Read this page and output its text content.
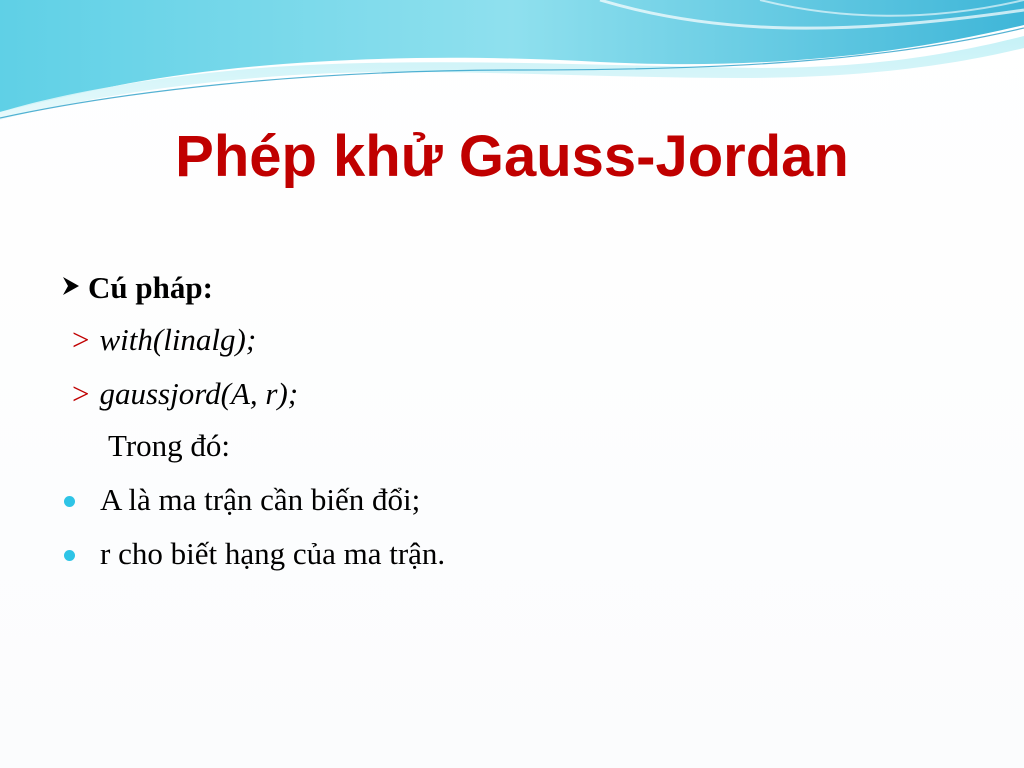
Phép khử Gauss-Jordan
Cú pháp:
> with(linalg);
> gaussjord(A, r);
Trong đó:
A là ma trận cần biến đổi;
r cho biết hạng của ma trận.
